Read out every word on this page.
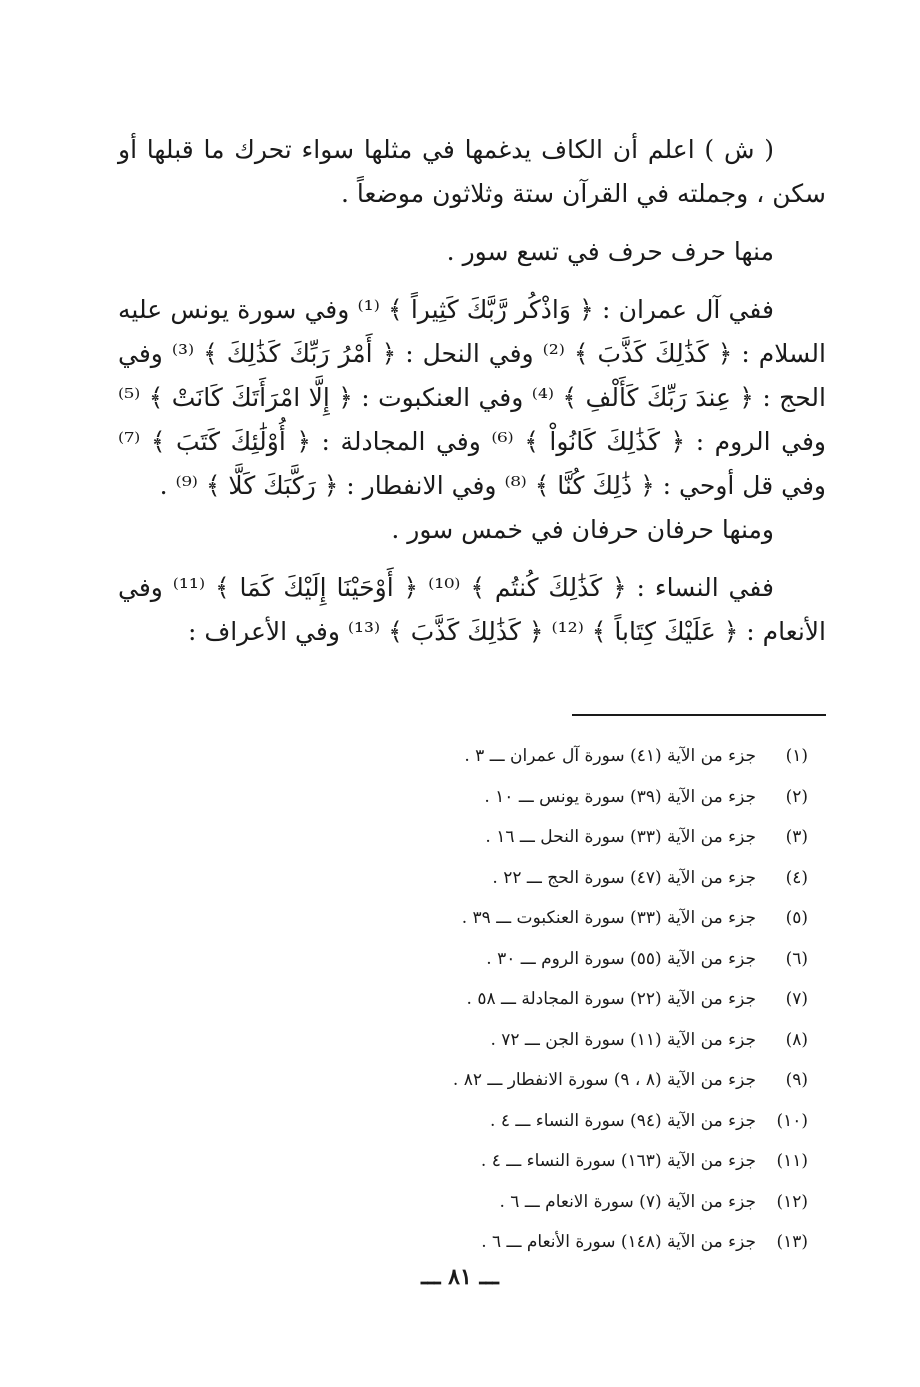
( ش ) اعلم أن الكاف يدغمها في مثلها سواء تحرك ما قبلها أو سكن ، وجملته في القرآن ستة وثلاثون موضعاً .

منها حرف حرف في تسع سور .

ففي آل عمران : ﴿ وَاذْكُر رَّبَّكَ كَثِيراً ﴾ ⁽¹⁾ وفي سورة يونس عليه السلام : ﴿ كَذَٰلِكَ كَذَّبَ ﴾ ⁽²⁾ وفي النحل : ﴿ أَمْرُ رَبِّكَ كَذَٰلِكَ ﴾ ⁽³⁾ وفي الحج : ﴿ عِندَ رَبِّكَ كَأَلْفِ ﴾ ⁽⁴⁾ وفي العنكبوت : ﴿ إِلَّا امْرَأَتَكَ كَانَتْ ﴾ ⁽⁵⁾ وفي الروم : ﴿ كَذَٰلِكَ كَانُواْ ﴾ ⁽⁶⁾ وفي المجادلة : ﴿ أُوْلَٰئِكَ كَتَبَ ﴾ ⁽⁷⁾ وفي قل أوحي : ﴿ ذَٰلِكَ كُنَّا ﴾ ⁽⁸⁾ وفي الانفطار : ﴿ رَكَّبَكَ كَلَّا ﴾ ⁽⁹⁾ .

ومنها حرفان حرفان في خمس سور .

ففي النساء : ﴿ كَذَٰلِكَ كُنتُم ﴾ ⁽¹⁰⁾ ﴿ أَوْحَيْنَا إِلَيْكَ كَمَا ﴾ ⁽¹¹⁾ وفي الأنعام : ﴿ عَلَيْكَ كِتَاباً ﴾ ⁽¹²⁾ ﴿ كَذَٰلِكَ كَذَّبَ ﴾ ⁽¹³⁾ وفي الأعراف :

(١)جزء من الآية (٤١) سورة آل عمران ـــ ٣ .
(٢)جزء من الآية (٣٩) سورة يونس ـــ ١٠ .
(٣)جزء من الآية (٣٣) سورة النحل ـــ ١٦ .
(٤)جزء من الآية (٤٧) سورة الحج ـــ ٢٢ .
(٥)جزء من الآية (٣٣) سورة العنكبوت ـــ ٣٩ .
(٦)جزء من الآية (٥٥) سورة الروم ـــ ٣٠ .
(٧)جزء من الآية (٢٢) سورة المجادلة ـــ ٥٨ .
(٨)جزء من الآية (١١) سورة الجن ـــ ٧٢ .
(٩)جزء من الآية (٨ ، ٩) سورة الانفطار ـــ ٨٢ .
(١٠)جزء من الآية (٩٤) سورة النساء ـــ ٤ .
(١١)جزء من الآية (١٦٣) سورة النساء ـــ ٤ .
(١٢)جزء من الآية (٧) سورة الانعام ـــ ٦ .
(١٣)جزء من الآية (١٤٨) سورة الأنعام ـــ ٦ .
ـــ ٨١ ـــ
